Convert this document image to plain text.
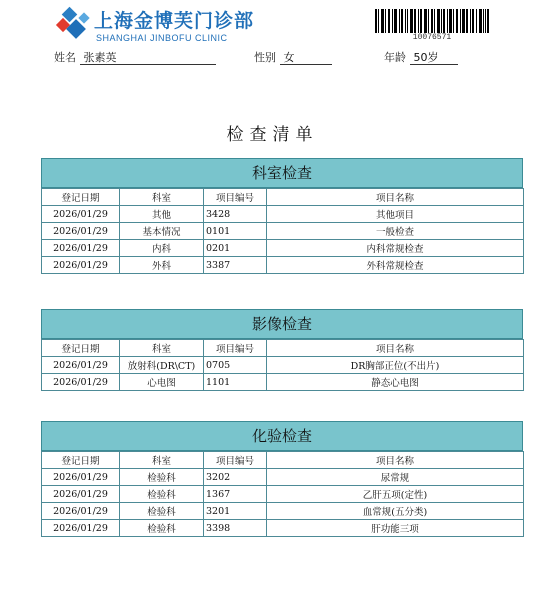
上海金博芙门诊部
SHANGHAI JINBOFU CLINIC	10076571
姓名 张素英	性别 女	年龄 50岁
检查清单
科室检查
登记日期	科室	项目编号	项目名称
2026/01/29	其他	3428	其他项目
2026/01/29	基本情况	0101	一般检查
2026/01/29	内科	0201	内科常规检查
2026/01/29	外科	3387	外科常规检查
影像检查
登记日期	科室	项目编号	项目名称
2026/01/29	放射科(DR\CT)	0705	DR胸部正位(不出片)
2026/01/29	心电图	1101	静态心电图
化验检查
登记日期	科室	项目编号	项目名称
2026/01/29	检验科	3202	尿常规
2026/01/29	检验科	1367	乙肝五项(定性)
2026/01/29	检验科	3201	血常规(五分类)
2026/01/29	检验科	3398	肝功能三项
